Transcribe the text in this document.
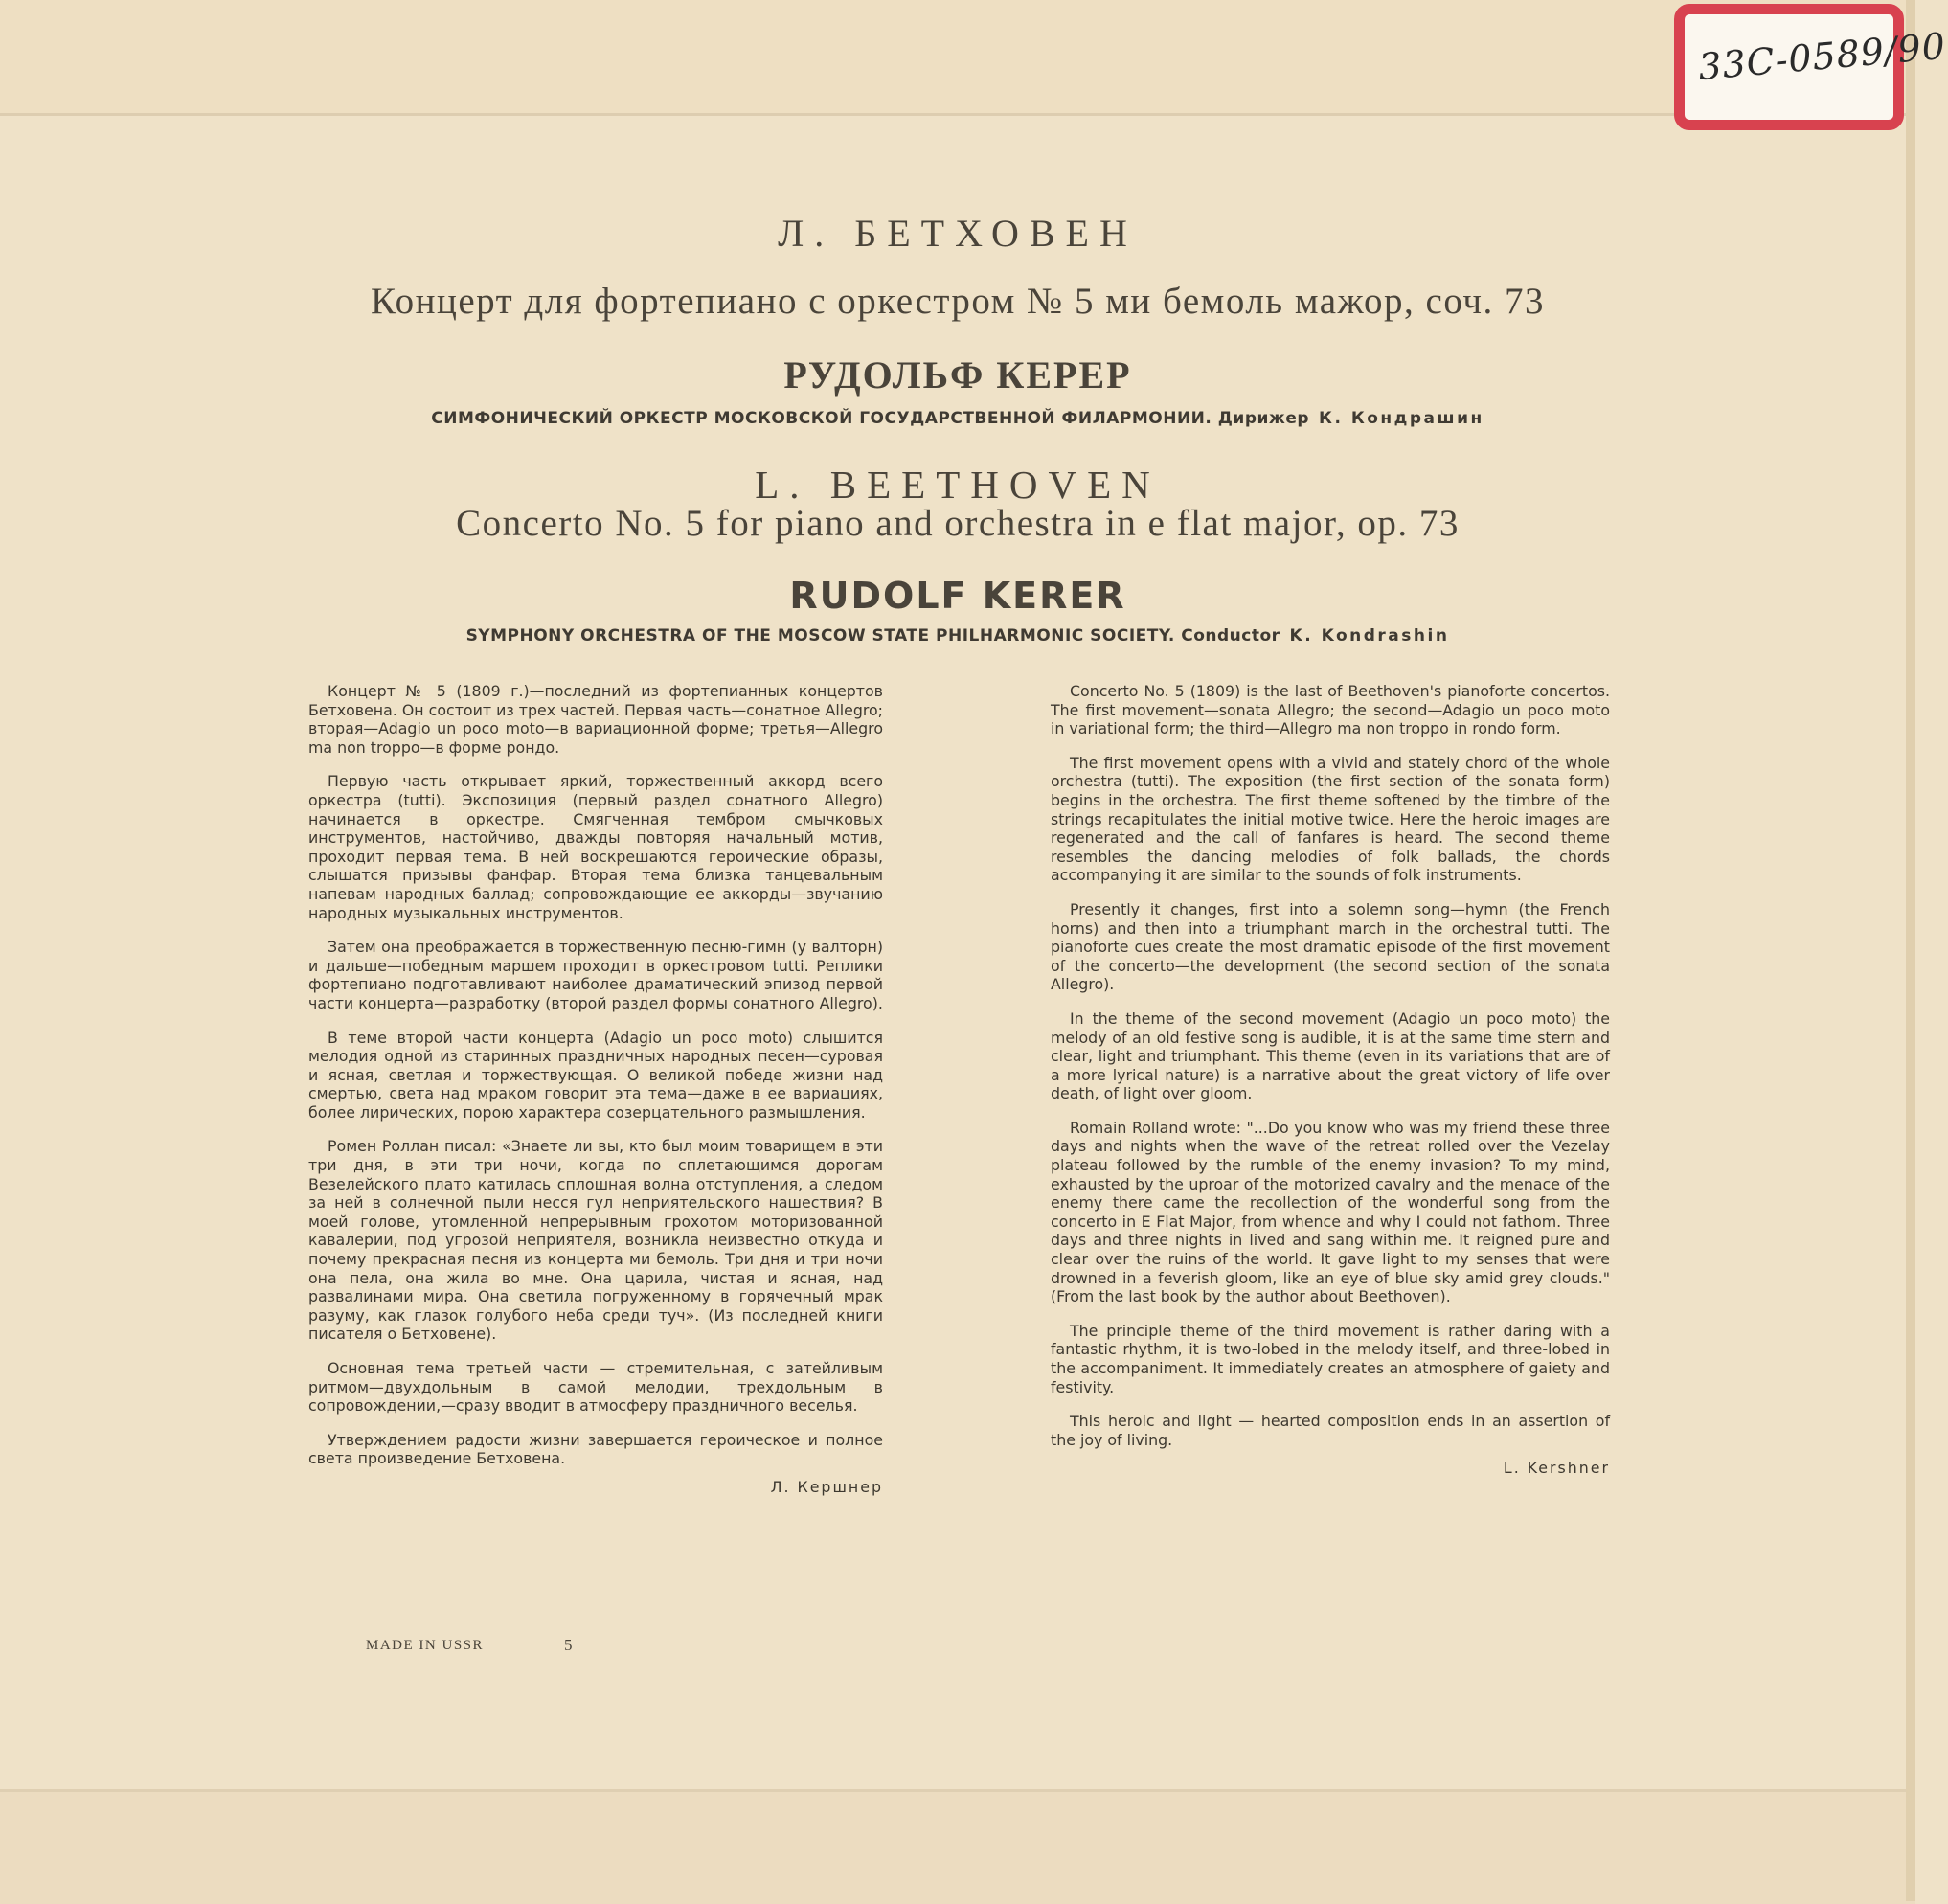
33С-0589/90
Л. БЕТХОВЕН
Концерт для фортепиано с оркестром № 5 ми бемоль мажор, соч. 73
РУДОЛЬФ КЕРЕР
СИМФОНИЧЕСКИЙ ОРКЕСТР МОСКОВСКОЙ ГОСУДАРСТВЕННОЙ ФИЛАРМОНИИ. Дирижер К. Кондрашин
L. BEETHOVEN
Concerto No. 5 for piano and orchestra in e flat major, op. 73
RUDOLF KERER
SYMPHONY ORCHESTRA OF THE MOSCOW STATE PHILHARMONIC SOCIETY. Conductor K. Kondrashin

Концерт № 5 (1809 г.)—последний из фортепианных концертов Бетховена. Он состоит из трех частей. Первая часть—сонатное Allegro; вторая—Adagio un poco moto—в вариационной форме; третья—Allegro ma non troppo—в форме рондо.

Первую часть открывает яркий, торжественный аккорд всего оркестра (tutti). Экспозиция (первый раздел сонатного Allegro) начинается в оркестре. Смягченная тембром смычковых инструментов, настойчиво, дважды повторяя начальный мотив, проходит первая тема. В ней воскрешаются героические образы, слышатся призывы фанфар. Вторая тема близка танцевальным напевам народных баллад; сопровождающие ее аккорды—звучанию народных музыкальных инструментов.

Затем она преображается в торжественную песню-гимн (у валторн) и дальше—победным маршем проходит в оркестровом tutti. Реплики фортепиано подготавливают наиболее драматический эпизод первой части концерта—разработку (второй раздел формы сонатного Allegro).

В теме второй части концерта (Adagio un poco moto) слышится мелодия одной из старинных праздничных народных песен—суровая и ясная, светлая и торжествующая. О великой победе жизни над смертью, света над мраком говорит эта тема—даже в ее вариациях, более лирических, порою характера созерцательного размышления.

Ромен Роллан писал: «Знаете ли вы, кто был моим товарищем в эти три дня, в эти три ночи, когда по сплетающимся дорогам Везелейского плато катилась сплошная волна отступления, а следом за ней в солнечной пыли несся гул неприятельского нашествия? В моей голове, утомленной непрерывным грохотом моторизованной кавалерии, под угрозой неприятеля, возникла неизвестно откуда и почему прекрасная песня из концерта ми бемоль. Три дня и три ночи она пела, она жила во мне. Она царила, чистая и ясная, над развалинами мира. Она светила погруженному в горячечный мрак разуму, как глазок голубого неба среди туч». (Из последней книги писателя о Бетховене).

Основная тема третьей части — стремительная, с затейливым ритмом—двухдольным в самой мелодии, трехдольным в сопровождении,—сразу вводит в атмосферу праздничного веселья.

Утверждением радости жизни завершается героическое и полное света произведение Бетховена.

Л. Кершнер

Concerto No. 5 (1809) is the last of Beethoven's pianoforte concertos. The first movement—sonata Allegro; the second—Adagio un poco moto in variational form; the third—Allegro ma non troppo in rondo form.

The first movement opens with a vivid and stately chord of the whole orchestra (tutti). The exposition (the first section of the sonata form) begins in the orchestra. The first theme softened by the timbre of the strings recapitulates the initial motive twice. Here the heroic images are regenerated and the call of fanfares is heard. The second theme resembles the dancing melodies of folk ballads, the chords accompanying it are similar to the sounds of folk instruments.

Presently it changes, first into a solemn song—hymn (the French horns) and then into a triumphant march in the orchestral tutti. The pianoforte cues create the most dramatic episode of the first movement of the concerto—the development (the second section of the sonata Allegro).

In the theme of the second movement (Adagio un poco moto) the melody of an old festive song is audible, it is at the same time stern and clear, light and triumphant. This theme (even in its variations that are of a more lyrical nature) is a narrative about the great victory of life over death, of light over gloom.

Romain Rolland wrote: "...Do you know who was my friend these three days and nights when the wave of the retreat rolled over the Vezelay plateau followed by the rumble of the enemy invasion? To my mind, exhausted by the uproar of the motorized cavalry and the menace of the enemy there came the recollection of the wonderful song from the concerto in E Flat Major, from whence and why I could not fathom. Three days and three nights in lived and sang within me. It reigned pure and clear over the ruins of the world. It gave light to my senses that were drowned in a feverish gloom, like an eye of blue sky amid grey clouds." (From the last book by the author about Beethoven).

The principle theme of the third movement is rather daring with a fantastic rhythm, it is two-lobed in the melody itself, and three-lobed in the accompaniment. It immediately creates an atmosphere of gaiety and festivity.

This heroic and light — hearted composition ends in an assertion of the joy of living.

L. Kershner
MADE IN USSR	5
